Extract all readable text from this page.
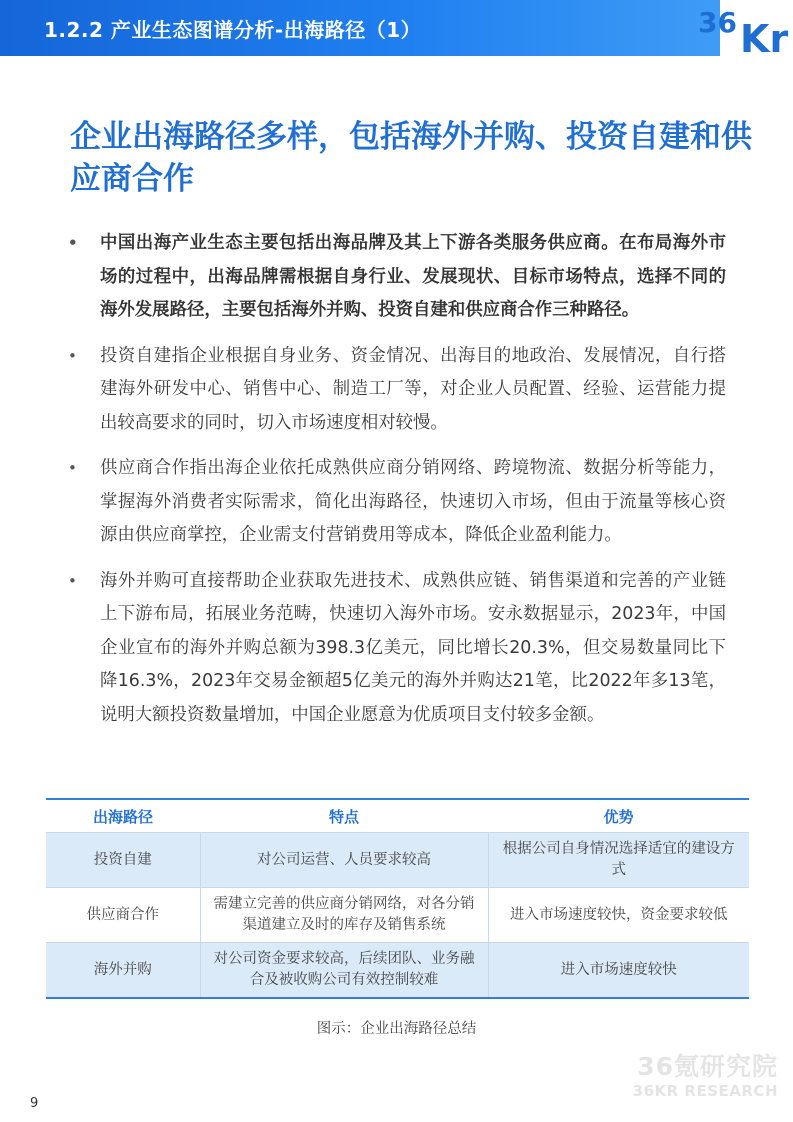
1.2.2 产业生态图谱分析-出海路径（1）	36 Kr
企业出海路径多样，包括海外并购、投资自建和供应商合作
• 中国出海产业生态主要包括出海品牌及其上下游各类服务供应商。在布局海外市场的过程中，出海品牌需根据自身行业、发展现状、目标市场特点，选择不同的海外发展路径，主要包括海外并购、投资自建和供应商合作三种路径。
• 投资自建指企业根据自身业务、资金情况、出海目的地政治、发展情况，自行搭建海外研发中心、销售中心、制造工厂等，对企业人员配置、经验、运营能力提出较高要求的同时，切入市场速度相对较慢。
• 供应商合作指出海企业依托成熟供应商分销网络、跨境物流、数据分析等能力，掌握海外消费者实际需求，简化出海路径，快速切入市场，但由于流量等核心资源由供应商掌控，企业需支付营销费用等成本，降低企业盈利能力。
• 海外并购可直接帮助企业获取先进技术、成熟供应链、销售渠道和完善的产业链上下游布局，拓展业务范畴，快速切入海外市场。安永数据显示，2023年，中国企业宣布的海外并购总额为398.3亿美元，同比增长20.3%，但交易数量同比下降16.3%，2023年交易金额超5亿美元的海外并购达21笔，比2022年多13笔，说明大额投资数量增加，中国企业愿意为优质项目支付较多金额。
出海路径	特点	优势
投资自建	对公司运营、人员要求较高	根据公司自身情况选择适宜的建设方式
供应商合作	需建立完善的供应商分销网络，对各分销渠道建立及时的库存及销售系统	进入市场速度较快，资金要求较低
海外并购	对公司资金要求较高，后续团队、业务融合及被收购公司有效控制较难	进入市场速度较快
图示：企业出海路径总结
36氪研究院
36KR RESEARCH
9
